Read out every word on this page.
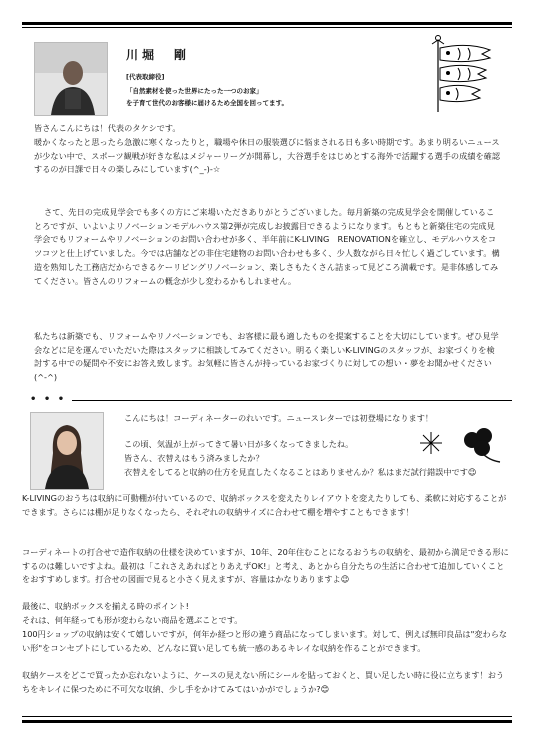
川堀　剛
[代表取締役]
「自然素材を使った世界にたった一つのお家」
を子育て世代のお客様に届けるため全国を回ってます。

皆さんこんにちは！代表のタケシです。

暖かくなったと思ったら急激に寒くなったりと，職場や休日の服装選びに悩まされる日も多い時期です。あまり明るいニュースが少ない中で、スポーツ観戦が好きな私はメジャーリーグが開幕し，大谷選手をはじめとする海外で活躍する選手の成績を確認するのが日課で日々の楽しみにしています(^_-)-☆

さて、先日の完成見学会でも多くの方にご来場いただきありがとうございました。毎月新築の完成見学会を開催していることろですが、いよいよリノベーションモデルハウス第2弾が完成しお披露目できるようになります。もともと新築住宅の完成見学会でもリフォームやリノベーションのお問い合わせが多く、半年前にK-LIVING　RENOVATIONを確立し、モデルハウスをコツコツと仕上げていました。今では店舗などの非住宅建物のお問い合わせも多く、少人数ながら日々忙しく過ごしています。構造を熟知した工務店だからできるケーリビングリノベーション、楽しさもたくさん詰まって見どころ満載です。是非体感してみてください。皆さんのリフォームの概念が少し変わるかもしれません。

私たちは新築でも、リフォームやリノベーションでも、お客様に最も適したものを提案することを大切にしています。ぜひ見学会などに足を運んでいただいた際はスタッフに相談してみてください。明るく楽しいK-LIVINGのスタッフが、お家づくりを検討する中での疑問や不安にお答え致します。お気軽に皆さんが持っているお家づくりに対しての想い・夢をお聞かせください (^-^)

• • •

こんにちは！コーディネーターのれいです。ニュースレターでは初登場になります！

この頃、気温が上がってきて暑い日が多くなってきましたね。

皆さん、衣替えはもう済みましたか？

衣替えをしてると収納の仕方を見直したくなることはありませんか？私はまだ試行錯誤中です😉

K-LIVINGのおうちは収納に可動棚が付いているので、収納ボックスを変えたりレイアウトを変えたりしても、柔軟に対応することができます。さらには棚が足りなくなったら、それぞれの収納サイズに合わせて棚を増やすこともできます！

コーディネートの打合せで造作収納の仕様を決めていますが、10年、20年住むことになるおうちの収納を、最初から満足できる形にするのは難しいですよね。最初は「これさえあればとりあえずOK!」と考え、あとから自分たちの生活に合わせて追加していくことをおすすめします。打合せの図面で見ると小さく見えますが、容量はかなりありますよ😉

最後に、収納ボックスを揃える時のポイント!

それは、何年経っても形が変わらない商品を選ぶことです。

100円ショップの収納は安くて嬉しいですが，何年か経つと形の違う商品になってしまいます。対して、例えば無印良品は"変わらない形"をコンセプトにしているため、どんなに買い足しても統一感のあるキレイな収納を作ることができます。

収納ケースをどこで買ったか忘れないように、ケースの見えない所にシールを貼っておくと、買い足したい時に役に立ちます！おうちをキレイに保つために不可欠な収納、少し手をかけてみてはいかがでしょうか?😊
